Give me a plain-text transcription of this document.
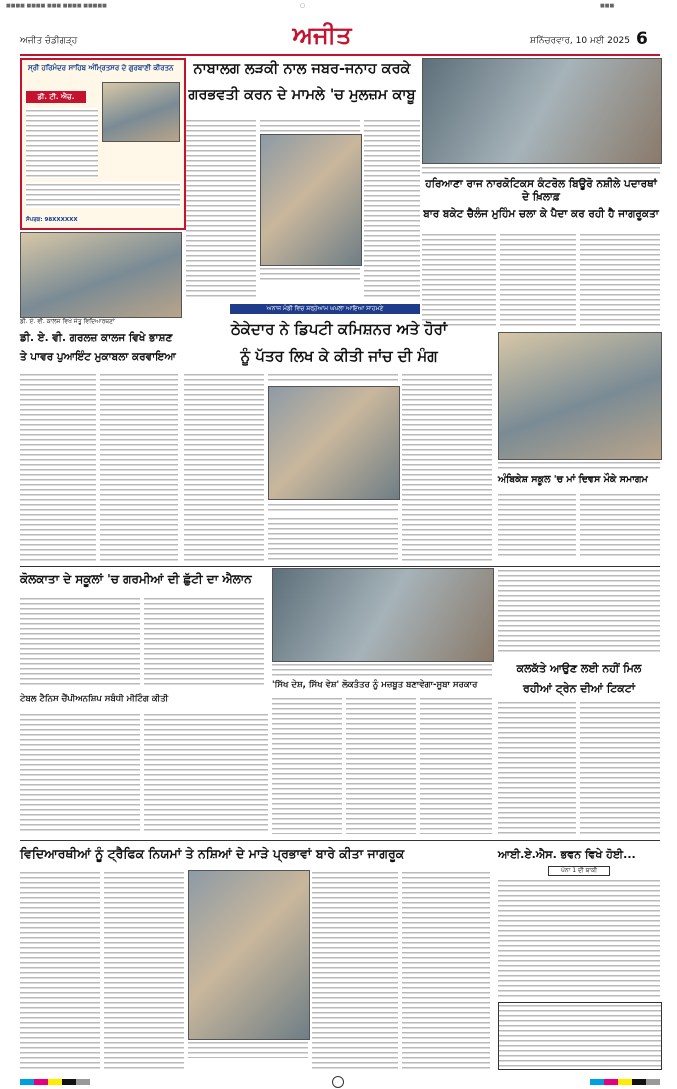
■■■■ ■■■■ ■■■ ■■■■ ■■■■■	▢	■■■
ਅਜੀਤ ਚੰਡੀਗੜ੍ਹ	ਅਜੀਤ	ਸ਼ਨਿੱਚਰਵਾਰ, 10 ਮਈ 2025 6
ਸ੍ਰੀ ਹਰਿਮੰਦਰ ਸਾਹਿਬ ਅੰਮ੍ਰਿਤਸਰ ਦੇ ਗੁਰਬਾਣੀ ਕੀਰਤਨ
ਡੀ. ਟੀ. ਐਚ.
ਸੰਪਰਕ: 98XXXXXX
ਨਾਬਾਲਗ ਲੜਕੀ ਨਾਲ ਜਬਰ-ਜਨਾਹ ਕਰਕੇ
ਗਰਭਵਤੀ ਕਰਨ ਦੇ ਮਾਮਲੇ 'ਚ ਮੁਲਜ਼ਮ ਕਾਬੂ
ਹਰਿਆਣਾ ਰਾਜ ਨਾਰਕੋਟਿਕਸ ਕੰਟਰੋਲ ਬਿਊਰੋ ਨਸ਼ੀਲੇ ਪਦਾਰਥਾਂ ਦੇ ਖ਼ਿਲਾਫ਼
ਬਾਰ ਬਕੇਟ ਚੈਲੰਜ ਮੁਹਿੰਮ ਚਲਾ ਕੇ ਪੈਦਾ ਕਰ ਰਹੀ ਹੈ ਜਾਗਰੂਕਤਾ
ਡੀ. ਏ. ਵੀ. ਕਾਲਜ ਵਿਖੇ ਜੇਤੂ ਵਿਦਿਆਰਥਣਾਂ
ਡੀ. ਏ. ਵੀ. ਗਰਲਜ਼ ਕਾਲਜ ਵਿਖੇ ਭਾਸ਼ਣ
ਤੇ ਪਾਵਰ ਪੁਆਇੰਟ ਮੁਕਾਬਲਾ ਕਰਵਾਇਆ
ਅਨਾਜ ਮੰਡੀ ਵਿਚ ਸ਼ਰ੍ਹੇਆਮ ਘਪਲਾ ਆਇਆ ਸਾਹਮਣੇ
ਠੇਕੇਦਾਰ ਨੇ ਡਿਪਟੀ ਕਮਿਸ਼ਨਰ ਅਤੇ ਹੋਰਾਂ
ਨੂੰ ਪੱਤਰ ਲਿਖ ਕੇ ਕੀਤੀ ਜਾਂਚ ਦੀ ਮੰਗ
ਅੰਬਿਕੇਸ਼ ਸਕੂਲ 'ਚ ਮਾਂ ਦਿਵਸ ਮੌਕੇ ਸਮਾਗਮ
ਕੋਲਕਾਤਾ ਦੇ ਸਕੂਲਾਂ 'ਚ ਗਰਮੀਆਂ ਦੀ ਛੁੱਟੀ ਦਾ ਐਲਾਨ
'ਸਿੱਖ ਦੇਸ਼, ਸਿੱਖ ਵੇਸ਼' ਲੋਕਤੰਤਰ ਨੂੰ ਮਜ਼ਬੂਤ ਬਣਾਵੇਗਾ-ਸੂਬਾ ਸਰਕਾਰ
ਟੇਬਲ ਟੈਨਿਸ ਚੈਂਪੀਅਨਸ਼ਿਪ ਸਬੰਧੀ ਮੀਟਿੰਗ ਕੀਤੀ
ਕਲਕੱਤੇ ਆਉਣ ਲਈ ਨਹੀਂ ਮਿਲ
ਰਹੀਆਂ ਟ੍ਰੇਨ ਦੀਆਂ ਟਿਕਟਾਂ
ਵਿਦਿਆਰਥੀਆਂ ਨੂੰ ਟ੍ਰੈਫਿਕ ਨਿਯਮਾਂ ਤੇ ਨਸ਼ਿਆਂ ਦੇ ਮਾੜੇ ਪ੍ਰਭਾਵਾਂ ਬਾਰੇ ਕੀਤਾ ਜਾਗਰੂਕ	ਆਈ.ਏ.ਐਸ. ਭਵਨ ਵਿਖੇ ਹੋਈ...
ਪੰਨਾ 1 ਦੀ ਬਾਕੀ
